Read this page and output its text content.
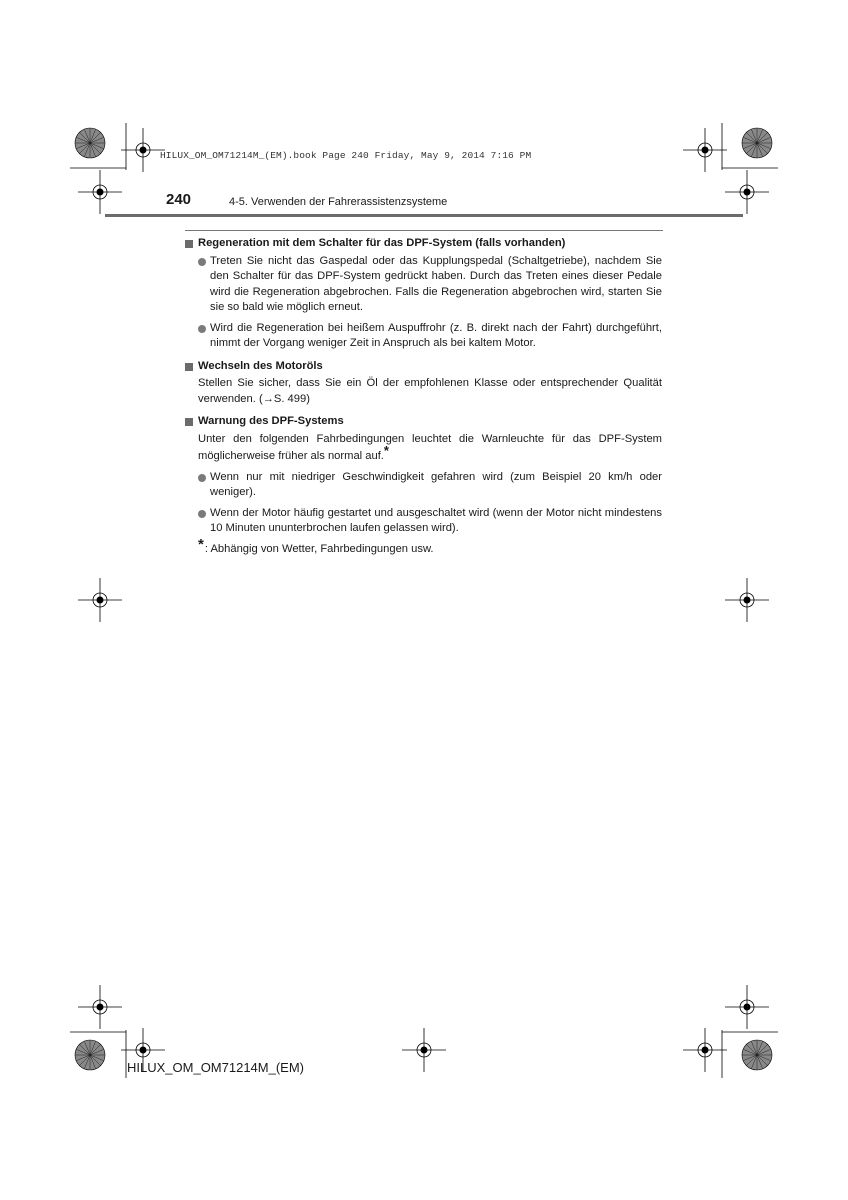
HILUX_OM_OM71214M_(EM).book Page 240 Friday, May 9, 2014 7:16 PM
240	4-5. Verwenden der Fahrerassistenzsysteme
Regeneration mit dem Schalter für das DPF-System (falls vorhanden)
Treten Sie nicht das Gaspedal oder das Kupplungspedal (Schaltgetriebe), nachdem Sie den Schalter für das DPF-System gedrückt haben. Durch das Treten eines dieser Pedale wird die Regeneration abgebrochen. Falls die Regeneration abgebrochen wird, starten Sie sie so bald wie möglich erneut.
Wird die Regeneration bei heißem Auspuffrohr (z. B. direkt nach der Fahrt) durchgeführt, nimmt der Vorgang weniger Zeit in Anspruch als bei kaltem Motor.
Wechseln des Motoröls

Stellen Sie sicher, dass Sie ein Öl der empfohlenen Klasse oder entsprechender Qualität verwenden. (→S. 499)

Warnung des DPF-Systems

Unter den folgenden Fahrbedingungen leuchtet die Warnleuchte für das DPF-System möglicherweise früher als normal auf.*

Wenn nur mit niedriger Geschwindigkeit gefahren wird (zum Beispiel 20 km/h oder weniger).
Wenn der Motor häufig gestartet und ausgeschaltet wird (wenn der Motor nicht mindestens 10 Minuten ununterbrochen laufen gelassen wird).
* : Abhängig von Wetter, Fahrbedingungen usw.
HILUX_OM_OM71214M_(EM)
